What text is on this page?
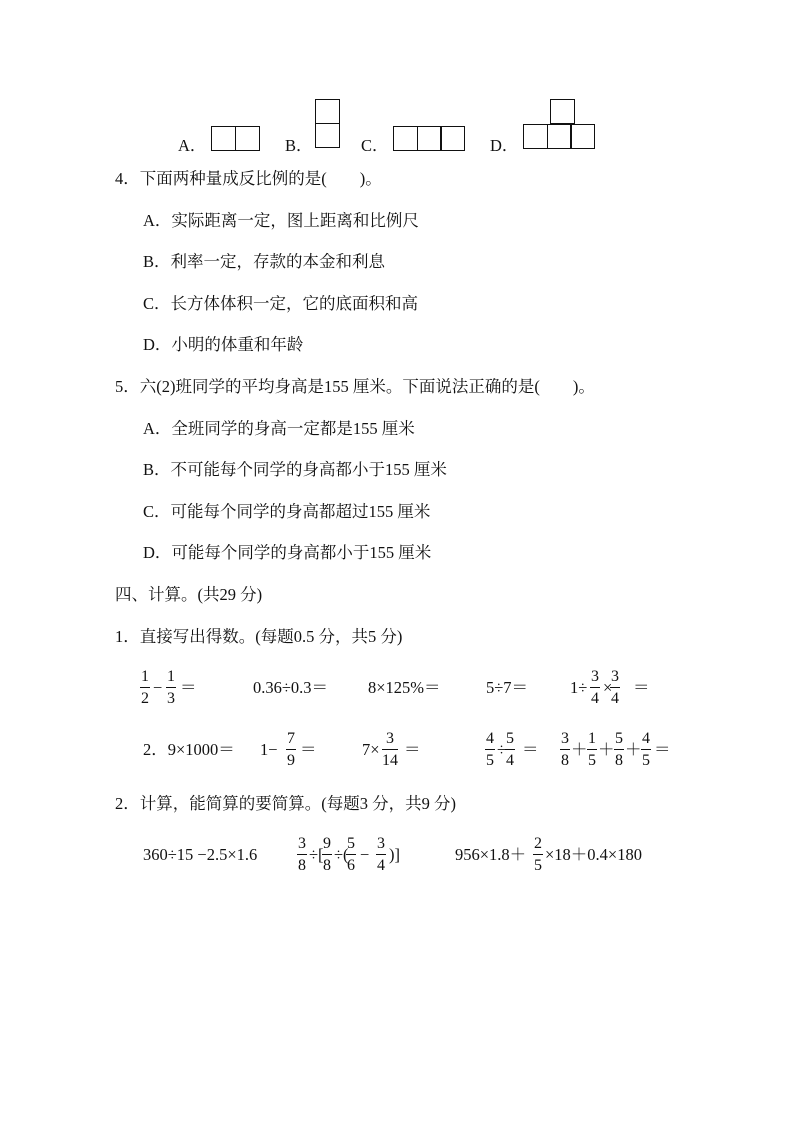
A．	B．	C．	D．
4．下面两种量成反比例的是(　　)。
A．实际距离一定，图上距离和比例尺
B．利率一定，存款的本金和利息
C．长方体体积一定，它的底面积和高
D．小明的体重和年龄
5．六(2)班同学的平均身高是155 厘米。下面说法正确的是(　　)。
A．全班同学的身高一定都是155 厘米
B．不可能每个同学的身高都小于155 厘米
C．可能每个同学的身高都超过155 厘米
D．可能每个同学的身高都小于155 厘米
四、计算。(共29 分)
1．直接写出得数。(每题0.5 分，共5 分)
$\frac{1}{2} - \frac{1}{3}$ ＝	0.36÷0.3＝ 8×125%＝	5÷7＝	$1\div \frac{3}{4}$ ×
$\frac{3}{4}$ ＝
2．$9\times 1000= 1- \frac{7}{9}$ ＝	$7\times \frac{3}{14}$ ＝	$\frac{4}{5}$ ÷
$\frac{5}{4} = \frac{3}{8} + \frac{1}{5} + \frac{5}{8} + \frac{4}{5}$ ＝
2．计算，能简算的要简算。(每题3 分，共9 分)
$360\div 15 -2.5\times 1.6 \frac{3}{8}$ ÷[
$\frac{9}{8}$ ÷(
$\frac{5}{6} - \frac{3}{4}$ )]	$956\times 1.8+ \frac{2}{5} \times 18+0.4\times 180$
